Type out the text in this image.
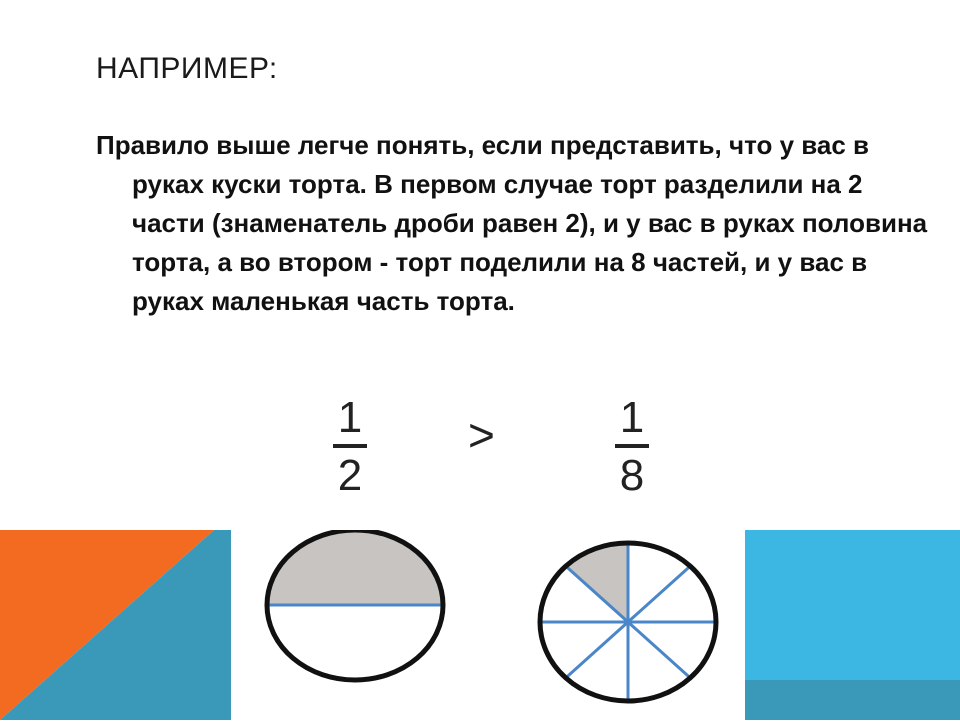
НАПРИМЕР:

Правило выше легче понять, если представить, что у вас в руках куски торта. В первом случае торт разделили на 2 части (знаменатель дроби равен 2), и у вас в руках половина торта, а во втором - торт поделили на 8 частей, и у вас в руках маленькая часть торта.

1
2
>	1
8
